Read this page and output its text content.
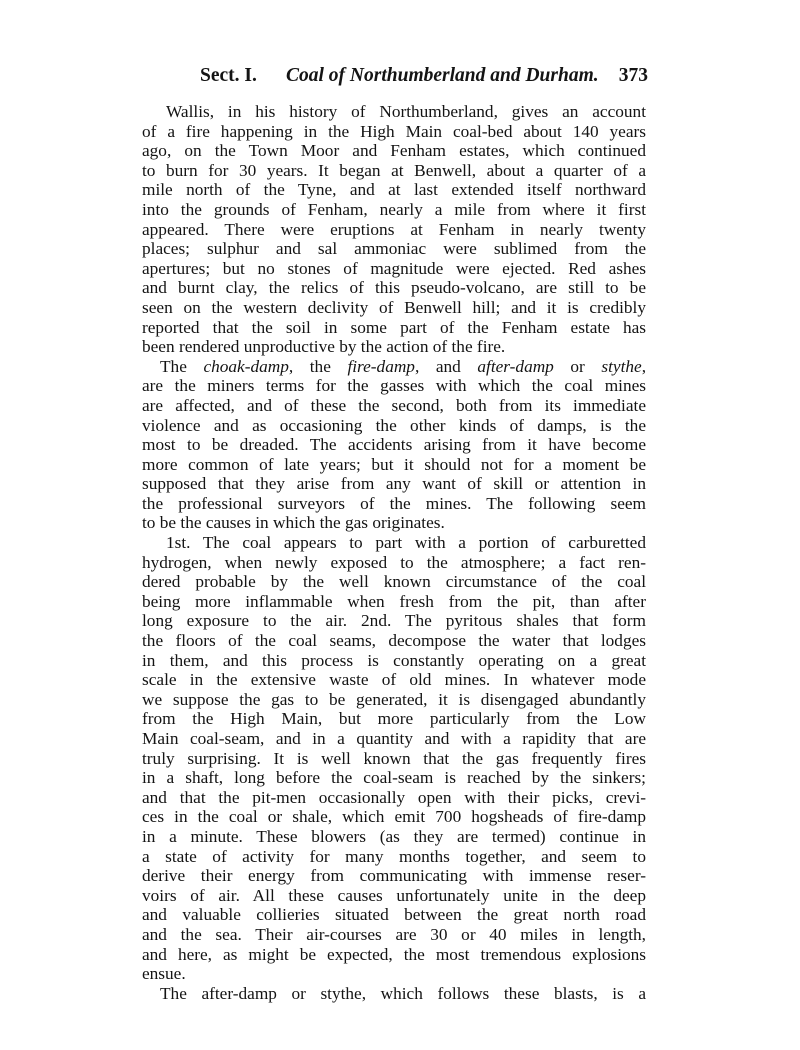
Sect. I. Coal of Northumberland and Durham. 373
Wallis, in his history of Northumberland, gives an account
of a fire happening in the High Main coal-bed about 140 years
ago, on the Town Moor and Fenham estates, which continued
to burn for 30 years. It began at Benwell, about a quarter of a
mile north of the Tyne, and at last extended itself northward
into the grounds of Fenham, nearly a mile from where it first
appeared. There were eruptions at Fenham in nearly twenty
places; sulphur and sal ammoniac were sublimed from the
apertures; but no stones of magnitude were ejected. Red ashes
and burnt clay, the relics of this pseudo-volcano, are still to be
seen on the western declivity of Benwell hill; and it is credibly
reported that the soil in some part of the Fenham estate has
been rendered unproductive by the action of the fire.
The choak-damp, the fire-damp, and after-damp or stythe,
are the miners terms for the gasses with which the coal mines
are affected, and of these the second, both from its immediate
violence and as occasioning the other kinds of damps, is the
most to be dreaded. The accidents arising from it have become
more common of late years; but it should not for a moment be
supposed that they arise from any want of skill or attention in
the professional surveyors of the mines. The following seem
to be the causes in which the gas originates.
1st. The coal appears to part with a portion of carburetted
hydrogen, when newly exposed to the atmosphere; a fact ren-
dered probable by the well known circumstance of the coal
being more inflammable when fresh from the pit, than after
long exposure to the air. 2nd. The pyritous shales that form
the floors of the coal seams, decompose the water that lodges
in them, and this process is constantly operating on a great
scale in the extensive waste of old mines. In whatever mode
we suppose the gas to be generated, it is disengaged abundantly
from the High Main, but more particularly from the Low
Main coal-seam, and in a quantity and with a rapidity that are
truly surprising. It is well known that the gas frequently fires
in a shaft, long before the coal-seam is reached by the sinkers;
and that the pit-men occasionally open with their picks, crevi-
ces in the coal or shale, which emit 700 hogsheads of fire-damp
in a minute. These blowers (as they are termed) continue in
a state of activity for many months together, and seem to
derive their energy from communicating with immense reser-
voirs of air. All these causes unfortunately unite in the deep
and valuable collieries situated between the great north road
and the sea. Their air-courses are 30 or 40 miles in length,
and here, as might be expected, the most tremendous explosions
ensue.
The after-damp or stythe, which follows these blasts, is a
